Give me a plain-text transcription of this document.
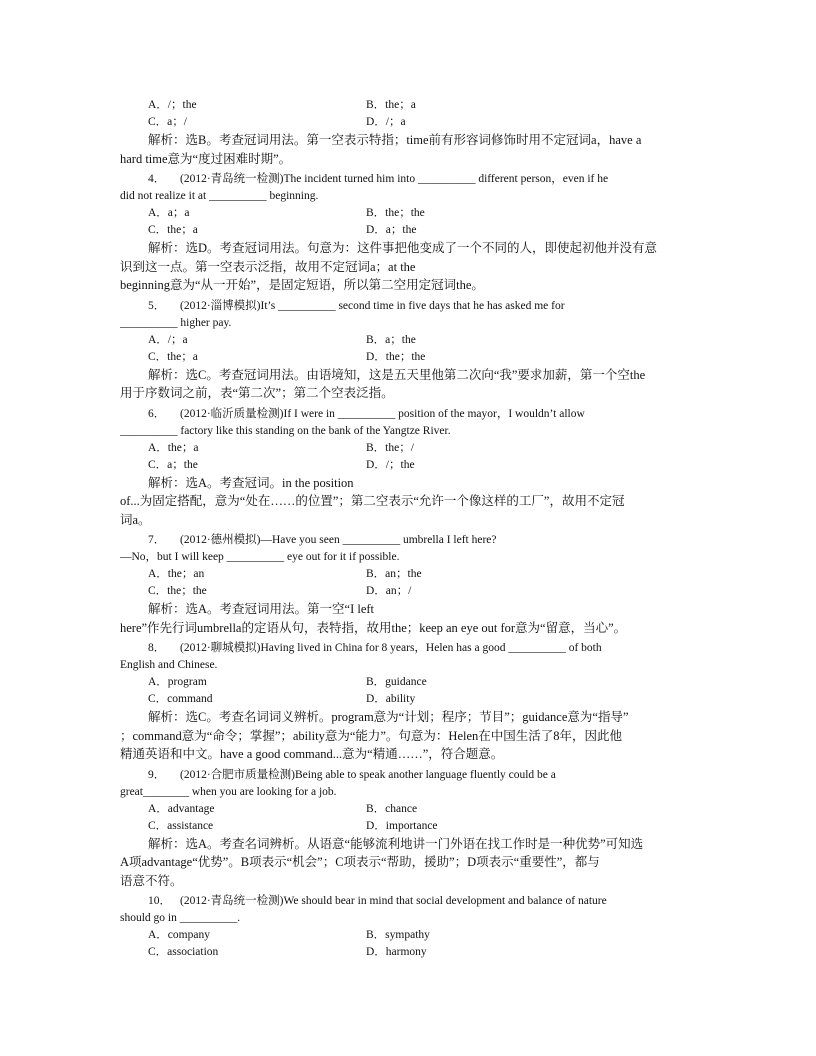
A．/；the	B．the；a
C．a；/	D．/；a
解析：选B。考查冠词用法。第一空表示特指；time前有形容词修饰时用不定冠词a，have a
hard time意为“度过困难时期”。
4． (2012·青岛统一检测)The incident turned him into __________ different person，even if he
did not realize it at __________ beginning.
A．a；a	B．the；the
C．the；a	D．a；the
解析：选D。考查冠词用法。句意为：这件事把他变成了一个不同的人，即使起初他并没有意
识到这一点。第一空表示泛指，故用不定冠词a；at the
beginning意为“从一开始”，是固定短语，所以第二空用定冠词the。
5． (2012·淄博模拟)It’s __________ second time in five days that he has asked me for
__________ higher pay.
A．/；a	B．a；the
C．the；a	D．the；the
解析：选C。考查冠词用法。由语境知，这是五天里他第二次向“我”要求加薪，第一个空the
用于序数词之前，表“第二次”；第二个空表泛指。
6． (2012·临沂质量检测)If I were in __________ position of the mayor，I wouldn’t allow
__________ factory like this standing on the bank of the Yangtze River.
A．the；a	B．the；/
C．a；the	D．/；the
解析：选A。考查冠词。in the position
of...为固定搭配，意为“处在……的位置”；第二空表示“允许一个像这样的工厂”，故用不定冠
词a。
7． (2012·德州模拟)—Have you seen __________ umbrella I left here?
—No，but I will keep __________ eye out for it if possible.
A．the；an	B．an；the
C．the；the	D．an；/
解析：选A。考查冠词用法。第一空“I left
here”作先行词umbrella的定语从句，表特指，故用the；keep an eye out for意为“留意，当心”。
8． (2012·聊城模拟)Having lived in China for 8 years，Helen has a good __________ of both
English and Chinese.
A．program	B．guidance
C．command	D．ability
解析：选C。考查名词词义辨析。program意为“计划；程序；节目”；guidance意为“指导”
；command意为“命令；掌握”；ability意为“能力”。句意为：Helen在中国生活了8年，因此他
精通英语和中文。have a good command...意为“精通……”，符合题意。
9． (2012·合肥市质量检测)Being able to speak another language fluently could be a
great________ when you are looking for a job.
A．advantage	B．chance
C．assistance	D．importance
解析：选A。考查名词辨析。从语意“能够流利地讲一门外语在找工作时是一种优势”可知选
A项advantage“优势”。B项表示“机会”；C项表示“帮助，援助”；D项表示“重要性”，都与
语意不符。
10． (2012·青岛统一检测)We should bear in mind that social development and balance of nature
should go in __________.
A．company	B．sympathy
C．association	D．harmony
